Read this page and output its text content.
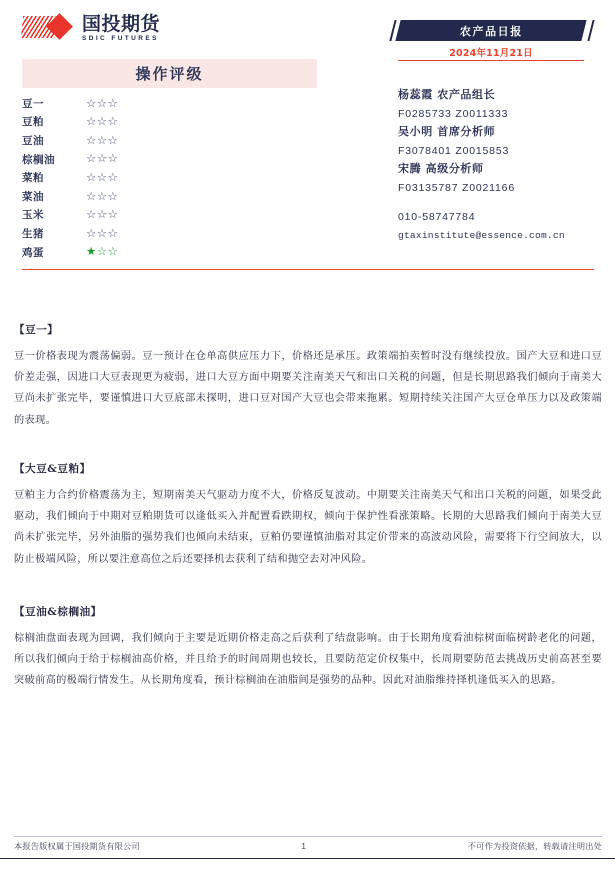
国投期货
SDIC FUTURES
操作评级
豆一	☆☆☆
豆粕	☆☆☆
豆油	☆☆☆
棕榈油	☆☆☆
菜粕	☆☆☆
菜油	☆☆☆
玉米	☆☆☆
生猪	☆☆☆
鸡蛋	★☆☆
农产品日报
2024年11月21日
杨蕊霞 农产品组长
F0285733 Z0011333
吴小明 首席分析师
F3078401 Z0015853
宋腾 高级分析师
F03135787 Z0021166
010-58747784
gtaxinstitute@essence.com.cn
【豆一】
豆一价格表现为震荡偏弱。豆一预计在仓单高供应压力下，价格还是承压。政策端拍卖暂时没有继续投放。国产大豆和进口豆价差走强，因进口大豆表现更为疲弱，进口大豆方面中期要关注南美天气和出口关税的问题，但是长期思路我们倾向于南美大豆尚未扩张完毕，要谨慎进口大豆底部未探明，进口豆对国产大豆也会带来拖累。短期持续关注国产大豆仓单压力以及政策端的表现。
【大豆&豆粕】
豆粕主力合约价格震荡为主，短期南美天气驱动力度不大，价格反复波动。中期要关注南美天气和出口关税的问题，如果受此驱动，我们倾向于中期对豆粕期货可以逢低买入并配置看跌期权，倾向于保护性看涨策略。长期的大思路我们倾向于南美大豆尚未扩张完毕，另外油脂的强势我们也倾向未结束，豆粕仍要谨慎油脂对其定价带来的高波动风险，需要将下行空间放大，以防止极端风险，所以要注意高位之后还要择机去获利了结和抛空去对冲风险。
【豆油&棕榈油】
棕榈油盘面表现为回调，我们倾向于主要是近期价格走高之后获利了结盘影响。由于长期角度看油棕树面临树龄老化的问题，所以我们倾向于给于棕榈油高价格，并且给予的时间周期也较长，且要防范定价权集中，长周期要防范去挑战历史前高甚至要突破前高的极端行情发生。从长期角度看，预计棕榈油在油脂间是强势的品种。因此对油脂维持择机逢低买入的思路。
本报告版权属于国投期货有限公司	1	不可作为投资依据，转载请注明出处
